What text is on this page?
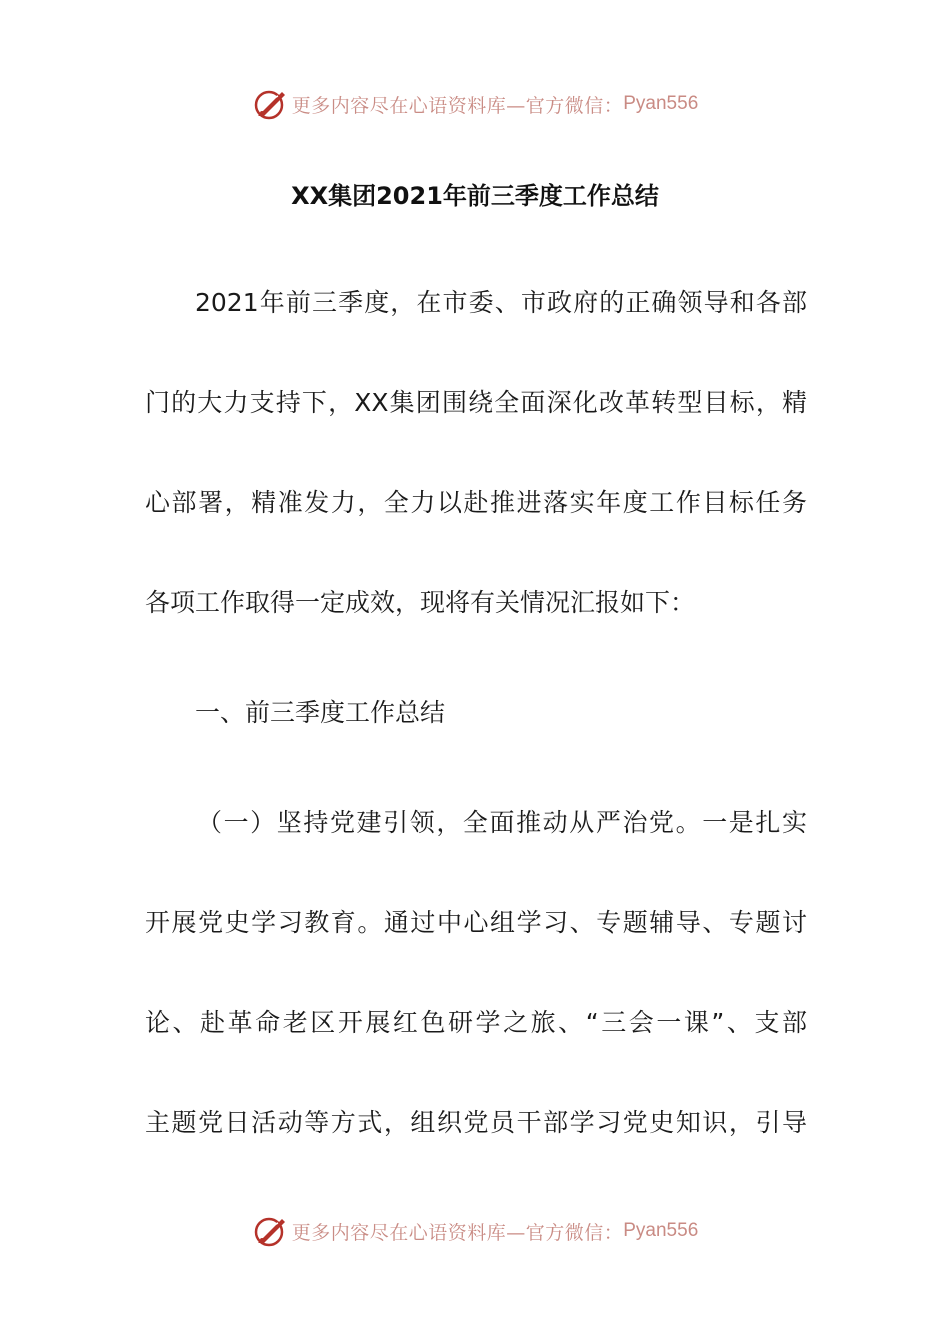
更多内容尽在心语资料库—官方微信： Pyan556
XX集团2021年前三季度工作总结
2021年前三季度，在市委、市政府的正确领导和各部
门的大力支持下，XX集团围绕全面深化改革转型目标，精
心部署，精准发力，全力以赴推进落实年度工作目标任务
各项工作取得一定成效，现将有关情况汇报如下：
一、前三季度工作总结
（一）坚持党建引领，全面推动从严治党。一是扎实
开展党史学习教育。通过中心组学习、专题辅导、专题讨
论、赴革命老区开展红色研学之旅、“三会一课”、支部
主题党日活动等方式，组织党员干部学习党史知识，引导
更多内容尽在心语资料库—官方微信： Pyan556
